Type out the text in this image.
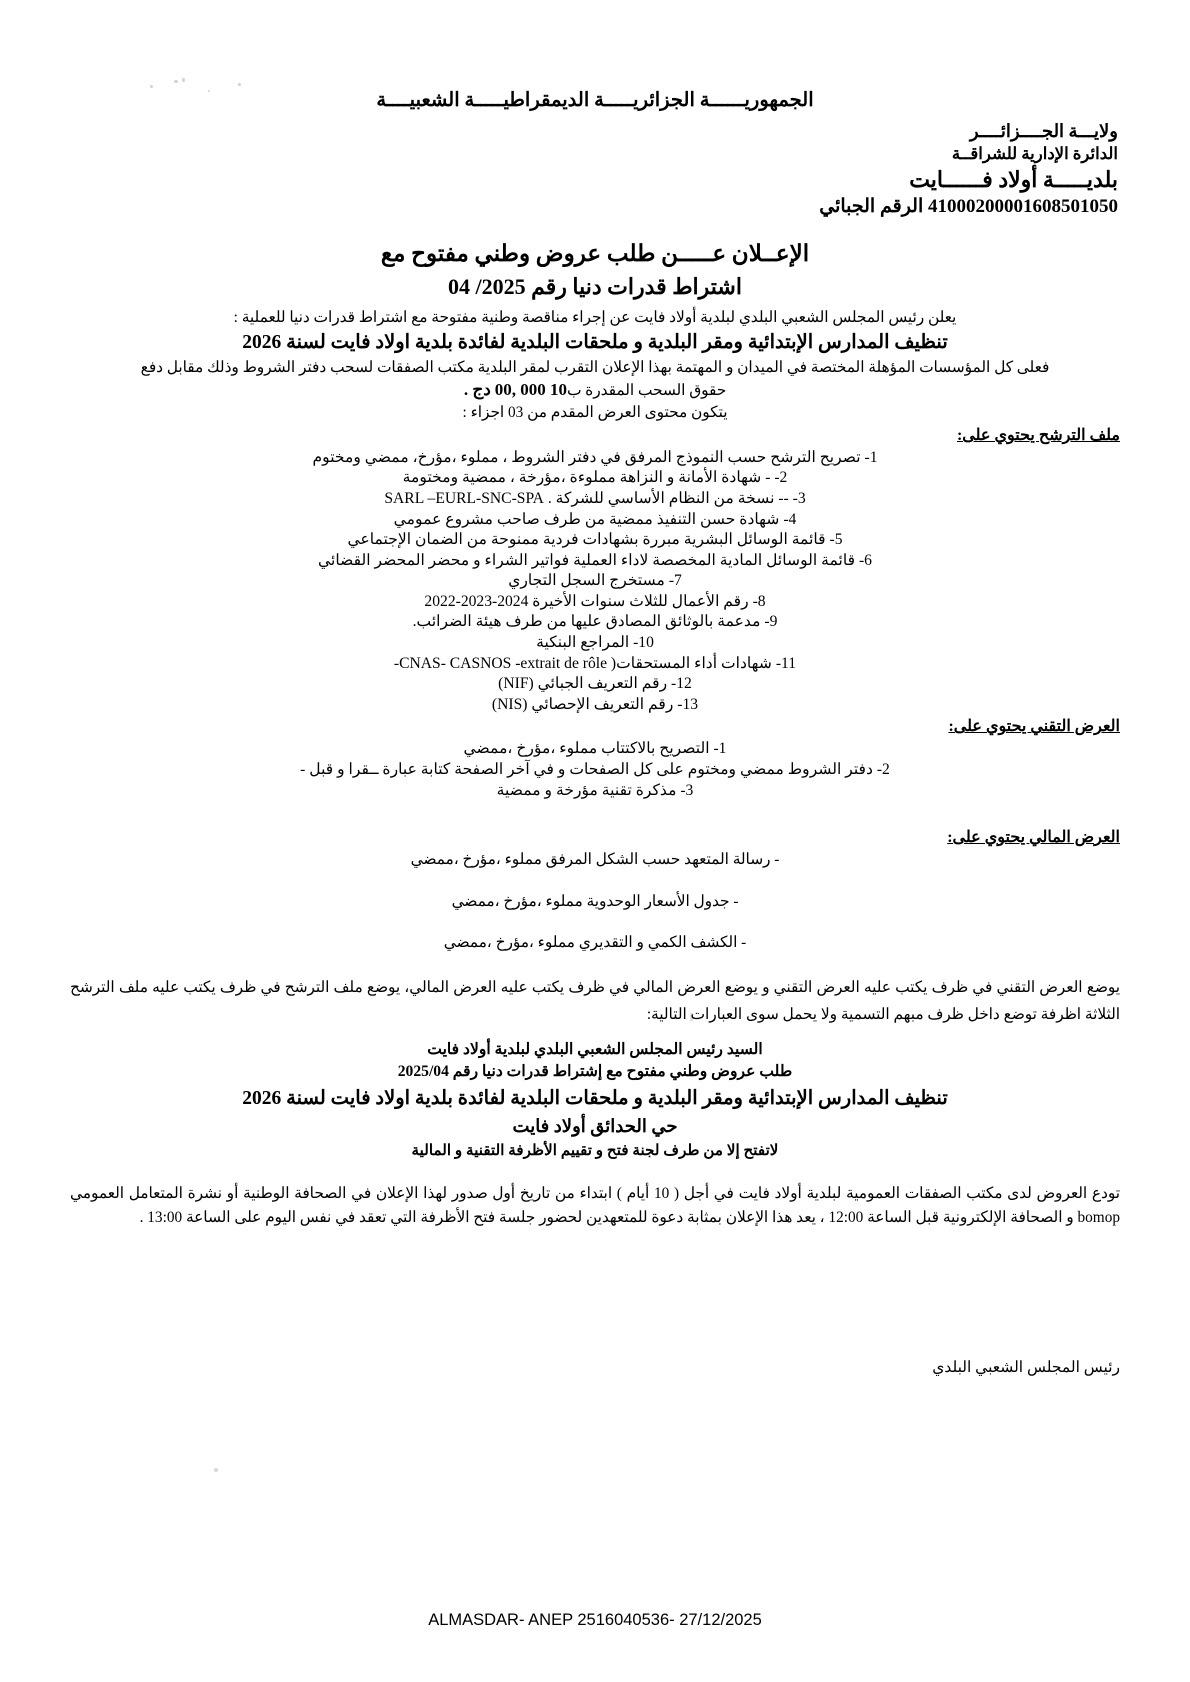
الجمهوريــــــة الجزائريـــــة الديمقراطيـــــة الشعبيــــة
ولايـــة الجــــزائــــر
الدائرة الإدارية للشراقــة
بلديـــــة أولاد فــــــايت
41000200001608501050 الرقم الجبائي
الإعــلان عـــــن طلب عروض وطني مفتوح مع
اشتراط قدرات دنيا رقم 2025/ 04
يعلن رئيس المجلس الشعبي البلدي لبلدية أولاد فايت عن إجراء مناقصة وطنية مفتوحة مع اشتراط قدرات دنيا للعملية :
تنظيف المدارس الإبتدائية ومقر البلدية و ملحقات البلدية لفائدة بلدية اولاد فايت لسنة 2026
فعلى كل المؤسسات المؤهلة المختصة في الميدان و المهتمة بهذا الإعلان التقرب لمقر البلدية مكتب الصفقات لسحب دفتر الشروط وذلك مقابل دفع
حقوق السحب المقدرة ب10 000 ,00 دج .
يتكون محتوى العرض المقدم من 03 اجزاء :
ملف الترشح يحتوي على:
1- تصريح الترشح حسب النموذج المرفق في دفتر الشروط ، مملوء ،مؤرخ، ممضي ومختوم
2- - شهادة الأمانة و النزاهة مملوءة ،مؤرخة ، ممضية ومختومة
3- -- نسخة من النظام الأساسي للشركة . SARL –EURL-SNC-SPA
4- شهادة حسن التنفيذ ممضية من طرف صاحب مشروع عمومي
5- قائمة الوسائل البشرية مبررة بشهادات فردية ممنوحة من الضمان الإجتماعي
6- قائمة الوسائل المادية المخصصة لاداء العملية فواتير الشراء و محضر المحضر القضائي
7- مستخرج السجل التجاري
8- رقم الأعمال للثلاث سنوات الأخيرة 2024-2023-2022
9- مدعمة بالوثائق المصادق عليها من طرف هيئة الضرائب.
10- المراجع البنكية
11- شهادات أداء المستحقات( CNAS- CASNOS -extrait de rôle-
12- رقم التعريف الجبائي (NIF)
13- رقم التعريف الإحصائي (NIS)
العرض التقني يحتوي على:
1- التصريح بالاكتتاب مملوء ،مؤرخ ،ممضي
2- دفتر الشروط ممضي ومختوم على كل الصفحات و في آخر الصفحة كتابة عبارة ــقرا و قبل -
3- مذكرة تقنية مؤرخة و ممضية
العرض المالي يحتوي على:
- رسالة المتعهد حسب الشكل المرفق مملوء ،مؤرخ ،ممضي
- جدول الأسعار الوحدوية مملوء ،مؤرخ ،ممضي
- الكشف الكمي و التقديري مملوء ،مؤرخ ،ممضي
يوضع العرض التقني في ظرف يكتب عليه العرض التقني و يوضع العرض المالي في ظرف يكتب عليه العرض المالي، يوضع ملف الترشح في ظرف يكتب عليه ملف الترشح الثلاثة اظرفة توضع داخل ظرف مبهم التسمية ولا يحمل سوى العبارات التالية:
السيد رئيس المجلس الشعبي البلدي لبلدية أولاد فايت
طلب عروض وطني مفتوح مع إشتراط قدرات دنيا رقم 2025/04
تنظيف المدارس الإبتدائية ومقر البلدية و ملحقات البلدية لفائدة بلدية اولاد فايت لسنة 2026
حي الحدائق أولاد فايت
لاتفتح إلا من طرف لجنة فتح و تقييم الأظرفة التقنية و المالية
تودع العروض لدى مكتب الصفقات العمومية لبلدية أولاد فايت في أجل ( 10 أيام ) ابتداء من تاريخ أول صدور لهذا الإعلان في الصحافة الوطنية أو نشرة المتعامل العمومي bomop و الصحافة الإلكترونية قبل الساعة 12:00 ، يعد هذا الإعلان بمثابة دعوة للمتعهدين لحضور جلسة فتح الأظرفة التي تعقد في نفس اليوم على الساعة 13:00 .
رئيس المجلس الشعبي البلدي
ALMASDAR- ANEP 2516040536- 27/12/2025
